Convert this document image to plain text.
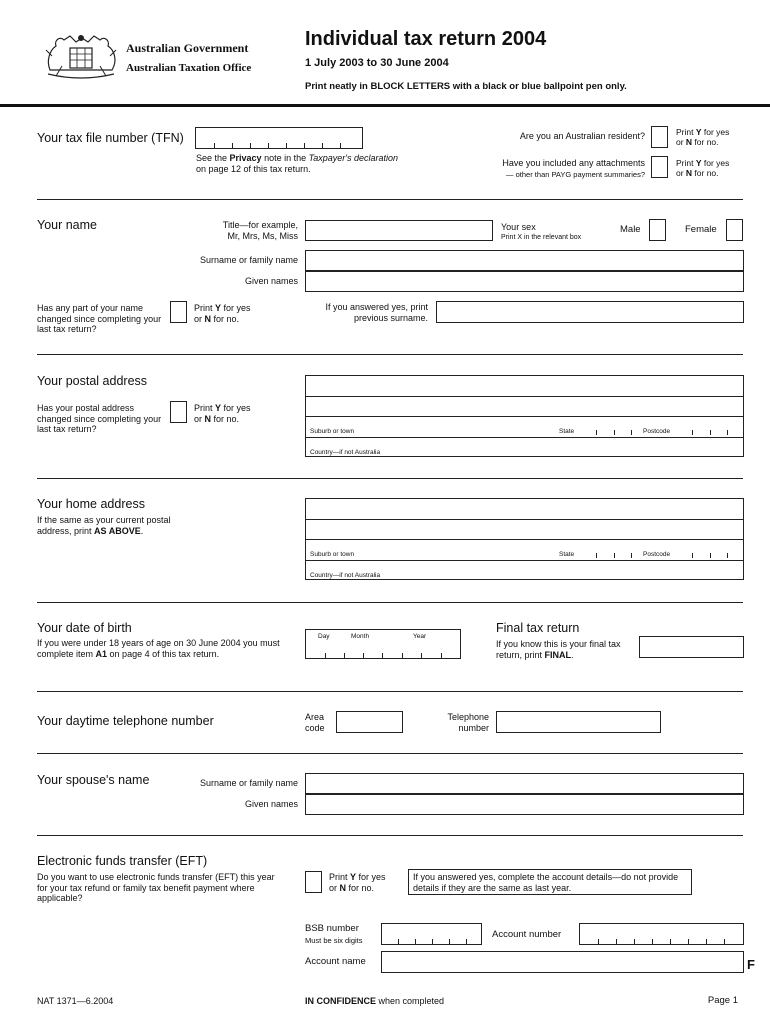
Australian Government
Australian Taxation Office
Individual tax return 2004
1 July 2003 to 30 June 2004
Print neatly in BLOCK LETTERS with a black or blue ballpoint pen only.
Your tax file number (TFN)
See the Privacy note in the Taxpayer's declaration on page 12 of this tax return.
Are you an Australian resident?	Print Y for yes
or N for no.
Have you included any attachments
— other than PAYG payment summaries?
Print Y for yes
or N for no.
Your name	Title—for example,
Mr, Mrs, Ms, Miss
Your sex
Print X in the relevant box
Male	Female
Surname or family name
Given names
Has any part of your name changed since completing your last tax return?
Print Y for yes
or N for no.
If you answered yes, print
previous surname.
Your postal address
Has your postal address changed since completing your last tax return?
Print Y for yes
or N for no.
Suburb or town	State	Postcode
Country—if not Australia
Your home address
If the same as your current postal address, print AS ABOVE.
Suburb or town	State	Postcode
Country—if not Australia
Your date of birth
If you were under 18 years of age on 30 June 2004 you must complete item A1 on page 4 of this tax return.
Day	Month	Year
Final tax return
If you know this is your final tax return, print FINAL.
Your daytime telephone number	Area
code
Telephone
number
Your spouse's name	Surname or family name
Given names
Electronic funds transfer (EFT)
Do you want to use electronic funds transfer (EFT) this year for your tax refund or family tax benefit payment where applicable?
Print Y for yes
or N for no.
If you answered yes, complete the account details—do not provide details if they are the same as last year.
BSB number
Must be six digits
Account number
Account name	F
NAT 1371—6.2004	IN CONFIDENCE when completed	Page 1
